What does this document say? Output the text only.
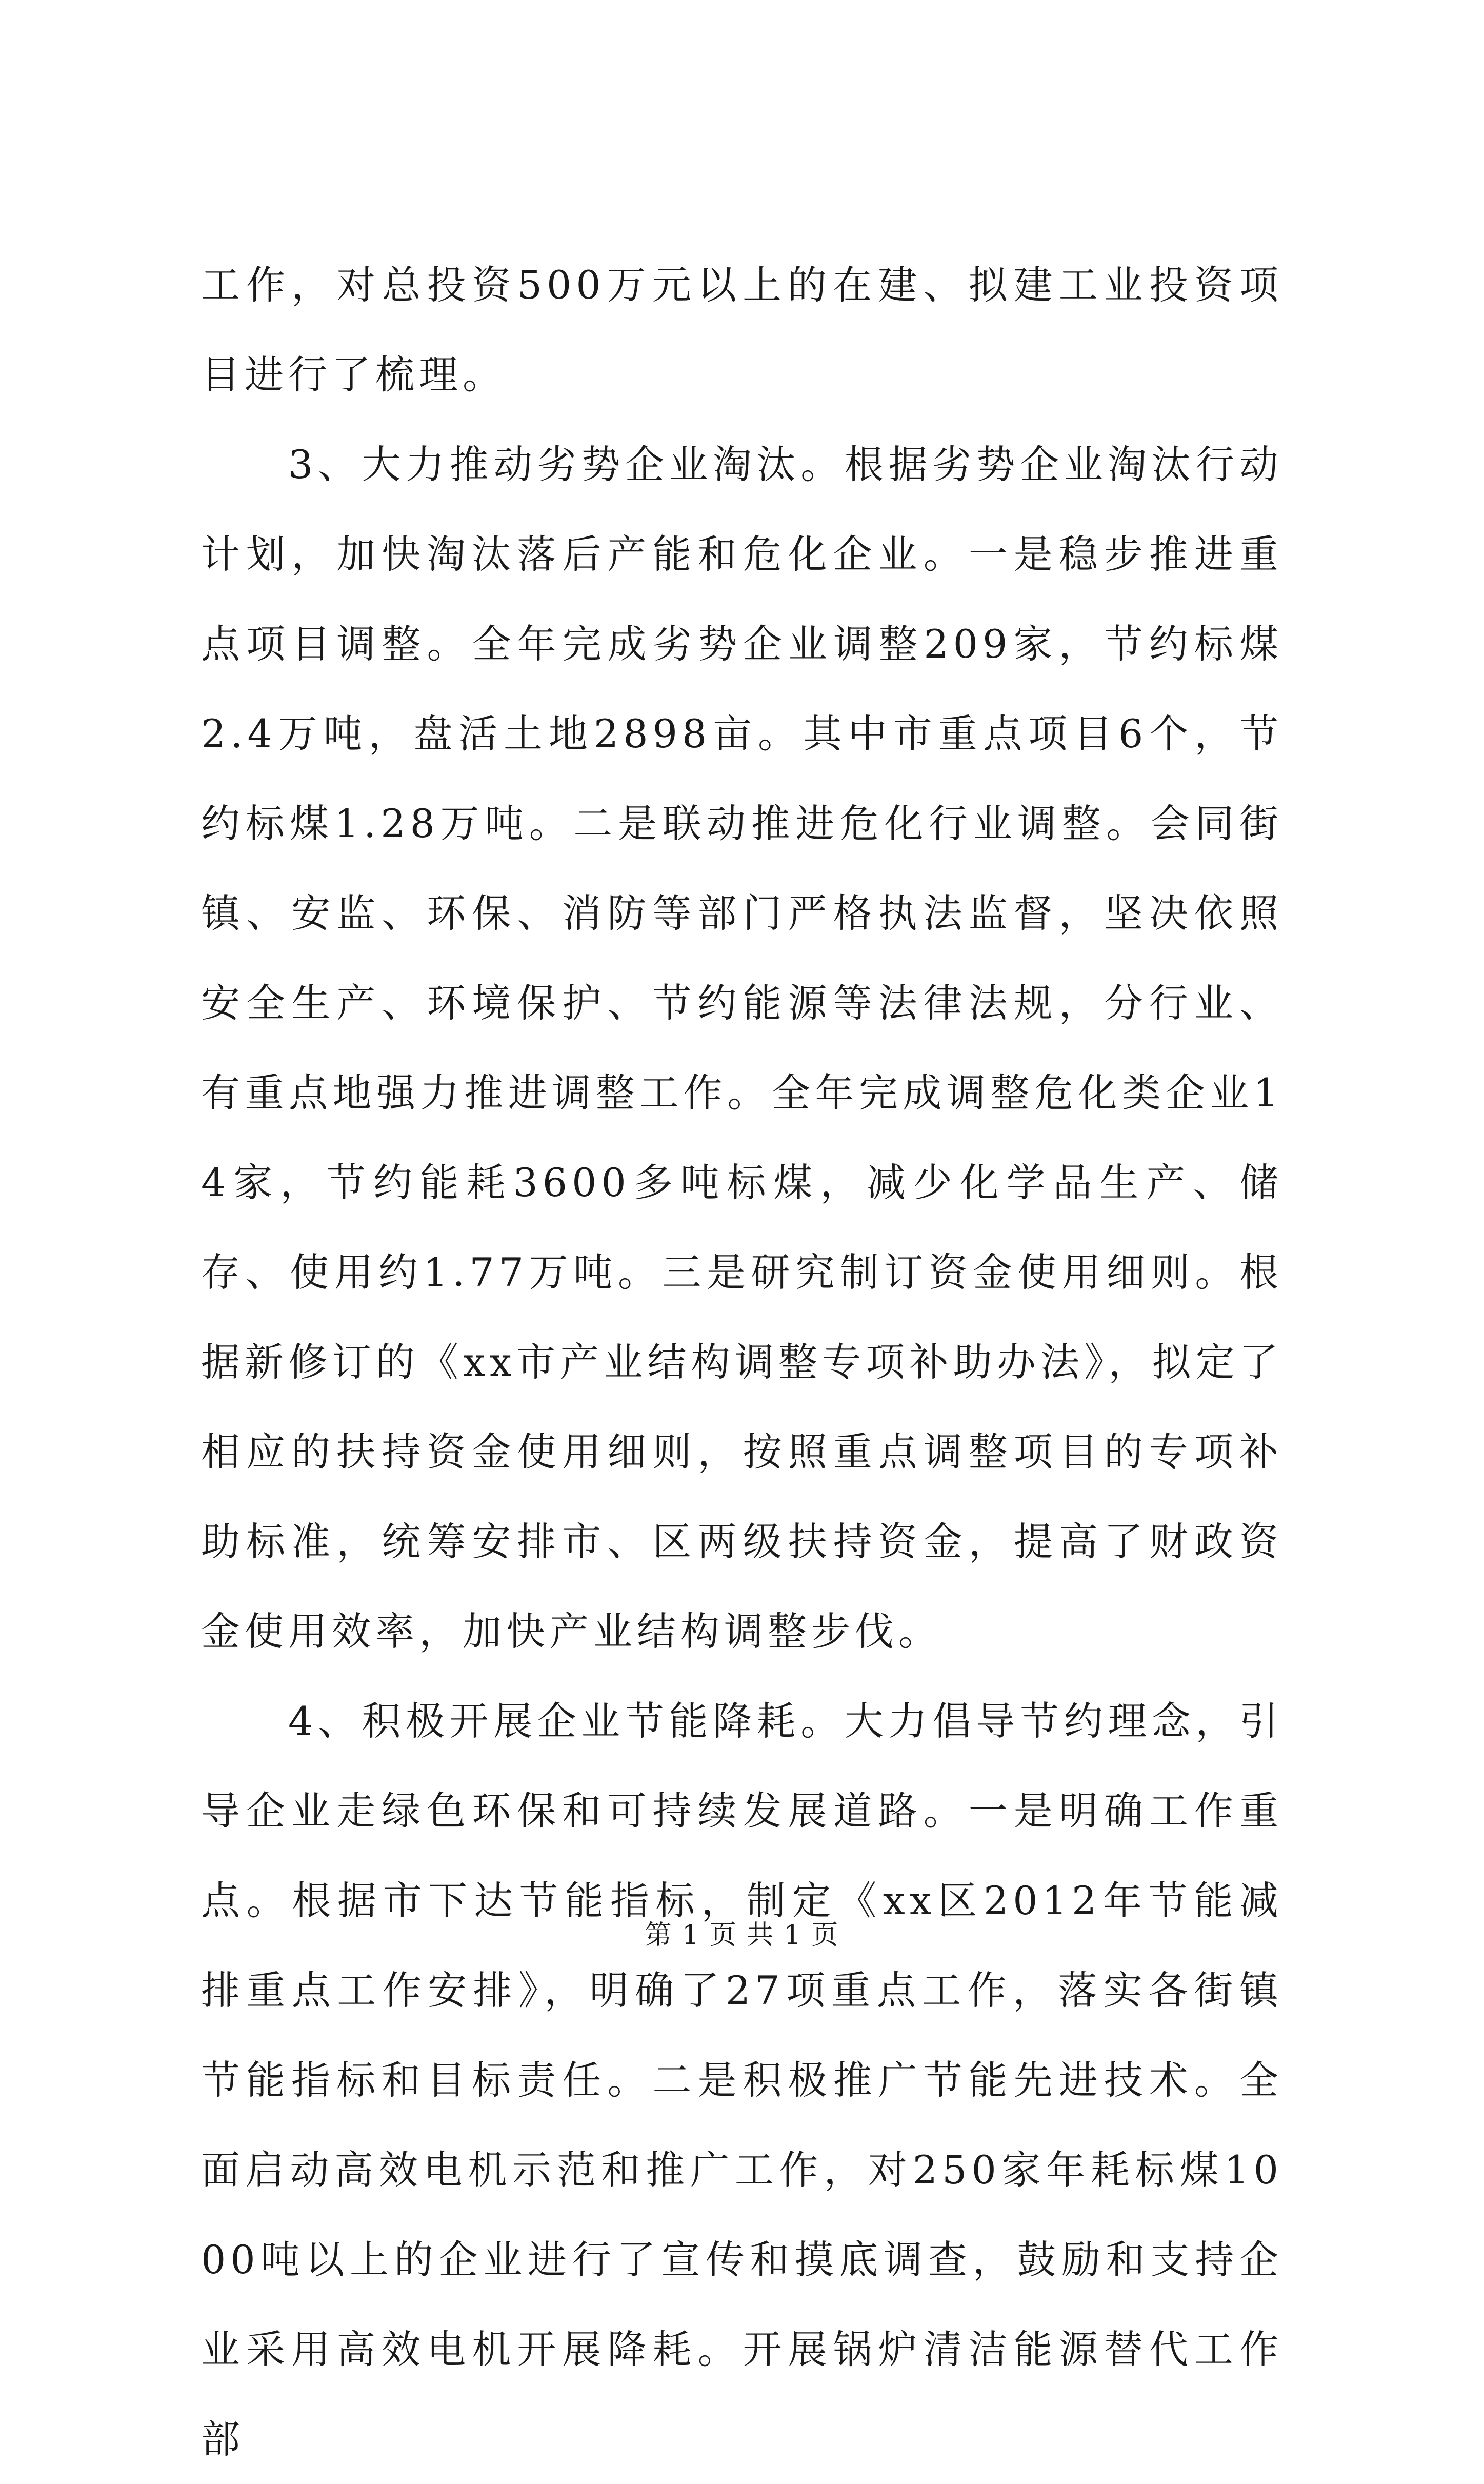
工作，对总投资500万元以上的在建、拟建工业投资项目进行了梳理。

3、大力推动劣势企业淘汰。根据劣势企业淘汰行动计划，加快淘汰落后产能和危化企业。一是稳步推进重点项目调整。全年完成劣势企业调整209家，节约标煤2.4万吨，盘活土地2898亩。其中市重点项目6个，节约标煤1.28万吨。二是联动推进危化行业调整。会同街镇、安监、环保、消防等部门严格执法监督，坚决依照安全生产、环境保护、节约能源等法律法规，分行业、有重点地强力推进调整工作。全年完成调整危化类企业14家，节约能耗3600多吨标煤，减少化学品生产、储存、使用约1.77万吨。三是研究制订资金使用细则。根据新修订的《xx市产业结构调整专项补助办法》，拟定了相应的扶持资金使用细则，按照重点调整项目的专项补助标准，统筹安排市、区两级扶持资金，提高了财政资金使用效率，加快产业结构调整步伐。

4、积极开展企业节能降耗。大力倡导节约理念，引导企业走绿色环保和可持续发展道路。一是明确工作重点。根据市下达节能指标，制定《xx区2012年节能减排重点工作安排》，明确了27项重点工作，落实各街镇节能指标和目标责任。二是积极推广节能先进技术。全面启动高效电机示范和推广工作，对250家年耗标煤1000吨以上的企业进行了宣传和摸底调查，鼓励和支持企业采用高效电机开展降耗。开展锅炉清洁能源替代工作部

第 1 页 共 1 页
